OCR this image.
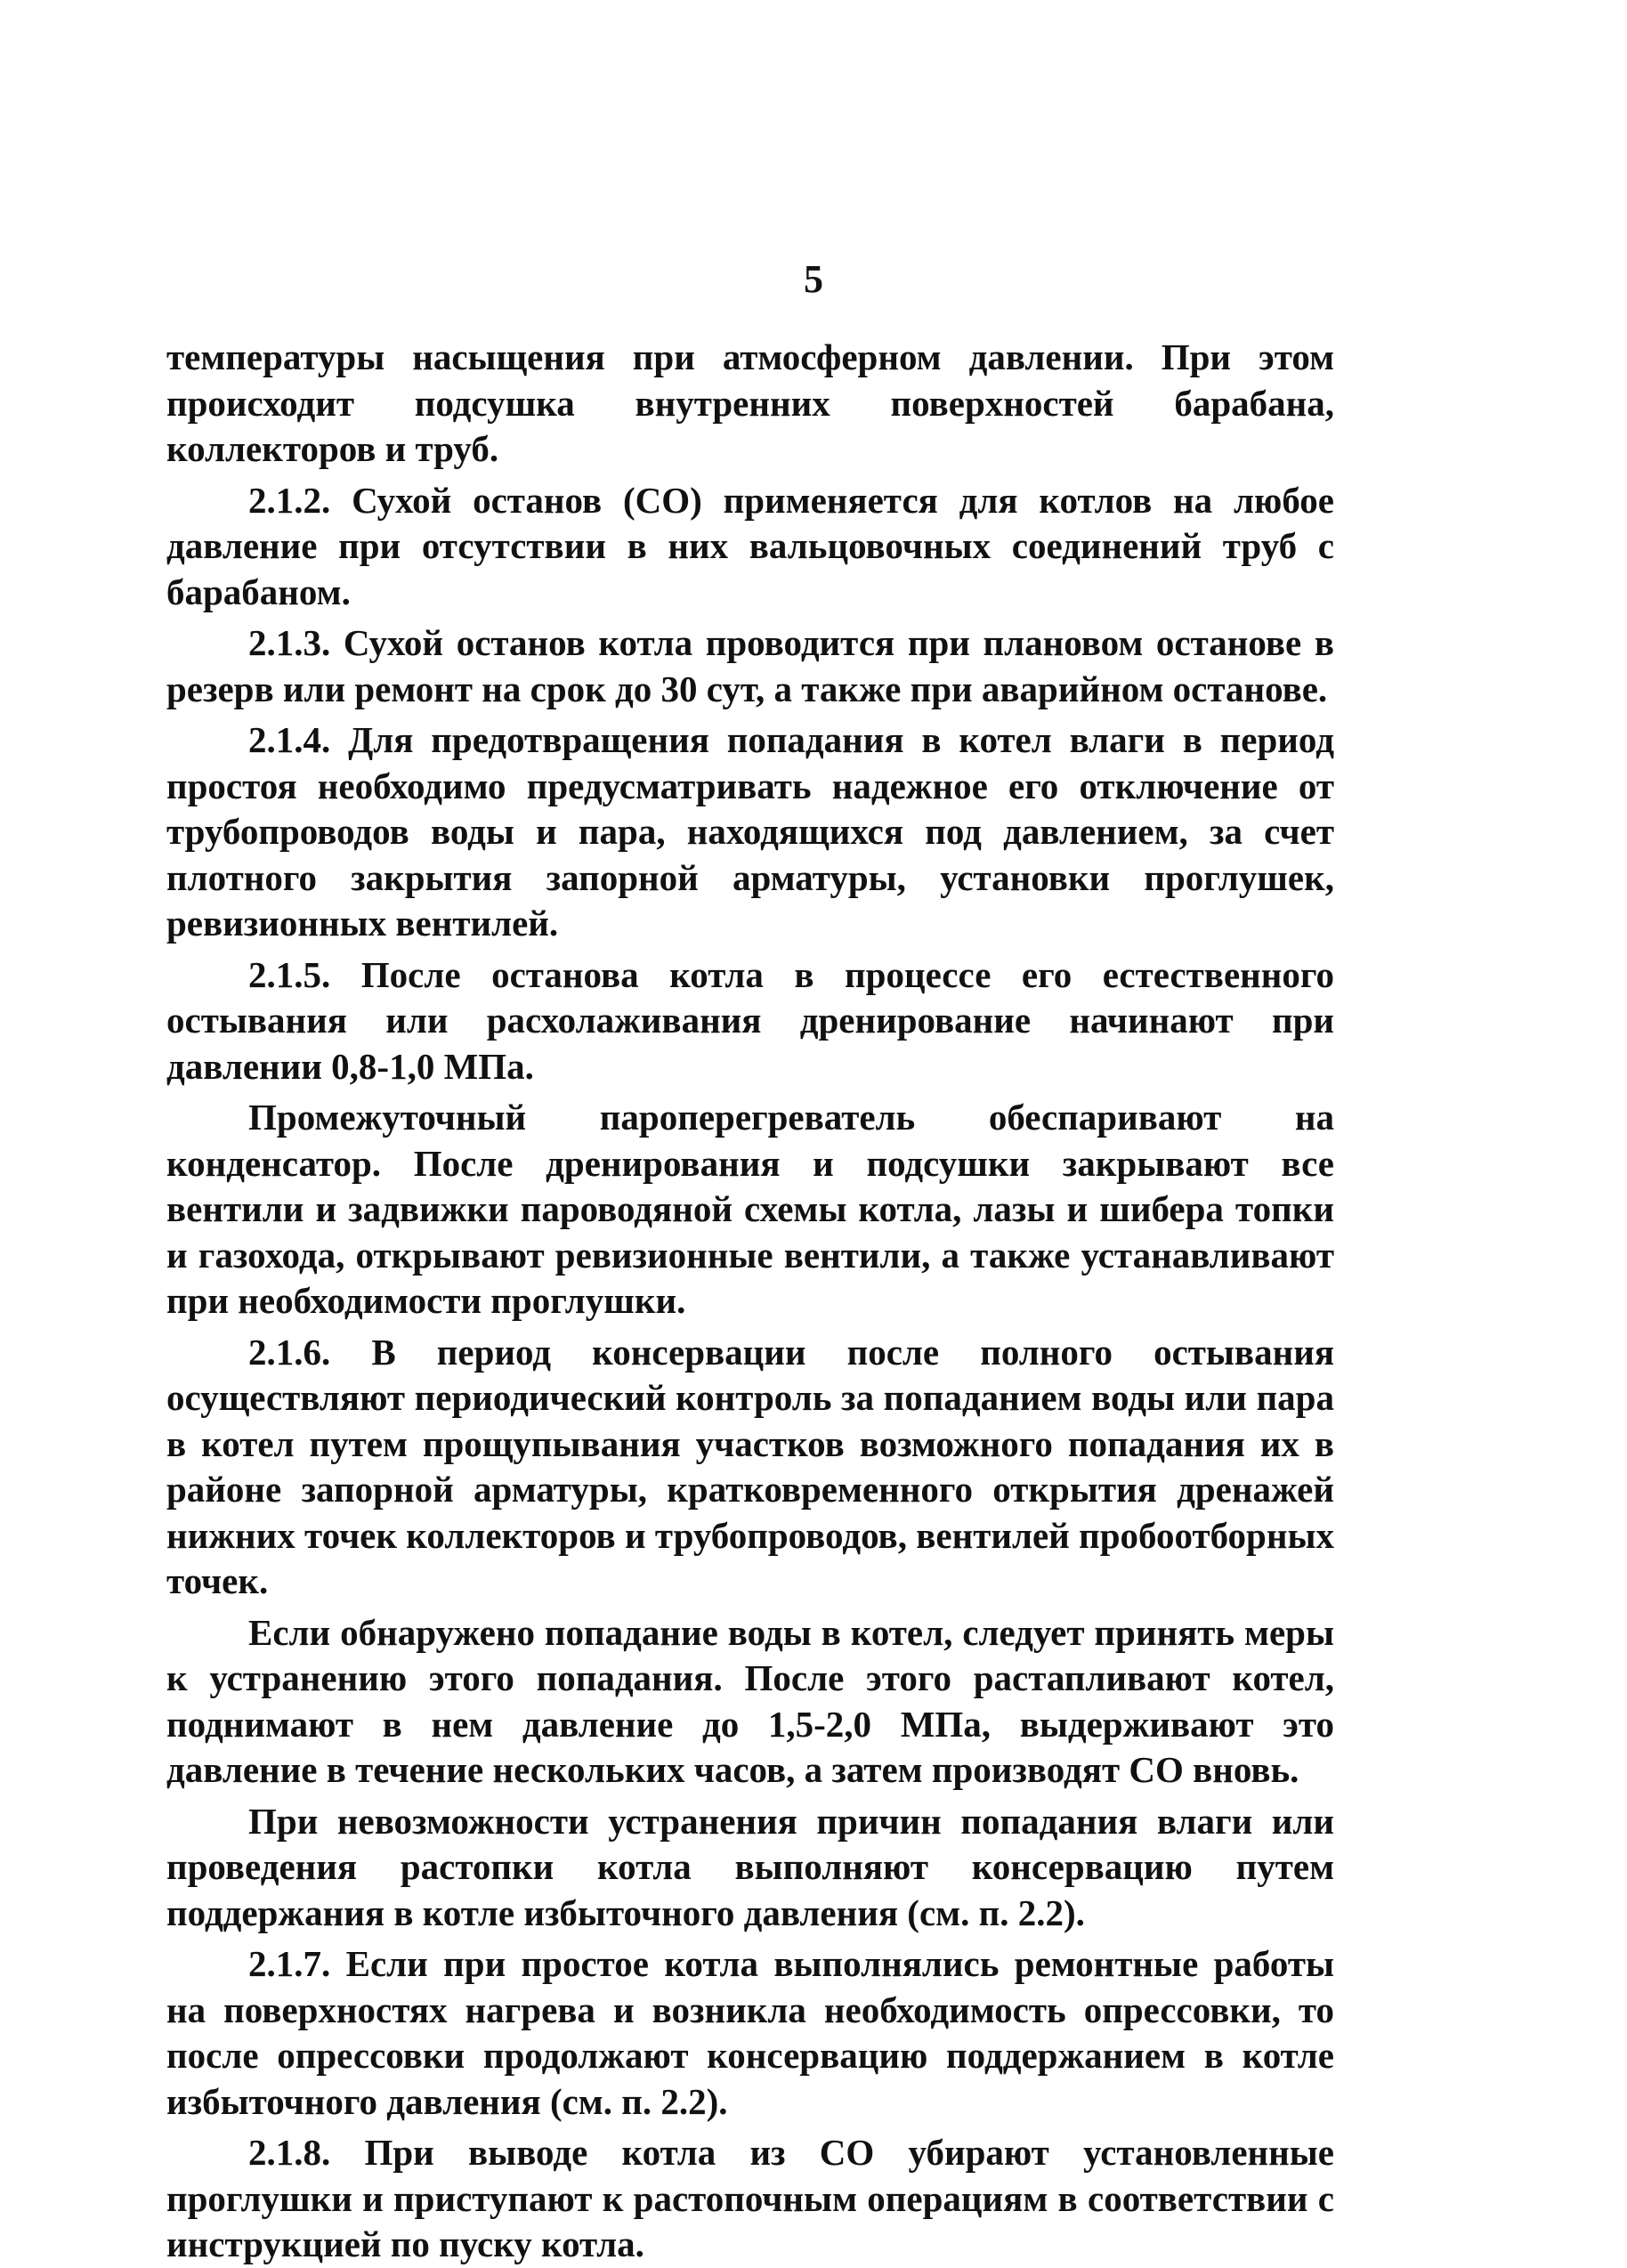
5

температуры насыщения при атмосферном давлении. При этом происходит подсушка внутренних поверхностей барабана, коллекторов и труб.

2.1.2. Сухой останов (СО) применяется для котлов на любое давление при отсутствии в них вальцовочных соединений труб с барабаном.

2.1.3. Сухой останов котла проводится при плановом останове в резерв или ремонт на срок до 30 сут, а также при аварийном останове.

2.1.4. Для предотвращения попадания в котел влаги в период простоя необходимо предусматривать надежное его отключение от трубопроводов воды и пара, находящихся под давлением, за счет плотного закрытия запорной арматуры, установки проглушек, ревизионных вентилей.

2.1.5. После останова котла в процессе его естественного остывания или расхолаживания дренирование начинают при давлении 0,8-1,0 МПа.

Промежуточный пароперегреватель обеспаривают на конденсатор. После дренирования и подсушки закрывают все вентили и задвижки пароводяной схемы котла, лазы и шибера топки и газохода, открывают ревизионные вентили, а также устанавливают при необходимости проглушки.

2.1.6. В период консервации после полного остывания осуществляют периодический контроль за попаданием воды или пара в котел путем прощупывания участков возможного попадания их в районе запорной арматуры, кратковременного открытия дренажей нижних точек коллекторов и трубопроводов, вентилей пробоотборных точек.

Если обнаружено попадание воды в котел, следует принять меры к устранению этого попадания. После этого растапливают котел, поднимают в нем давление до 1,5-2,0 МПа, выдерживают это давление в течение нескольких часов, а затем производят СО вновь.

При невозможности устранения причин попадания влаги или проведения растопки котла выполняют консервацию путем поддержания в котле избыточного давления (см. п. 2.2).

2.1.7. Если при простое котла выполнялись ремонтные работы на поверхностях нагрева и возникла необходимость опрессовки, то после опрессовки продолжают консервацию поддержанием в котле избыточного давления (см. п. 2.2).

2.1.8. При выводе котла из СО убирают установленные проглушки и приступают к растопочным операциям в соответствии с инструкцией по пуску котла.
